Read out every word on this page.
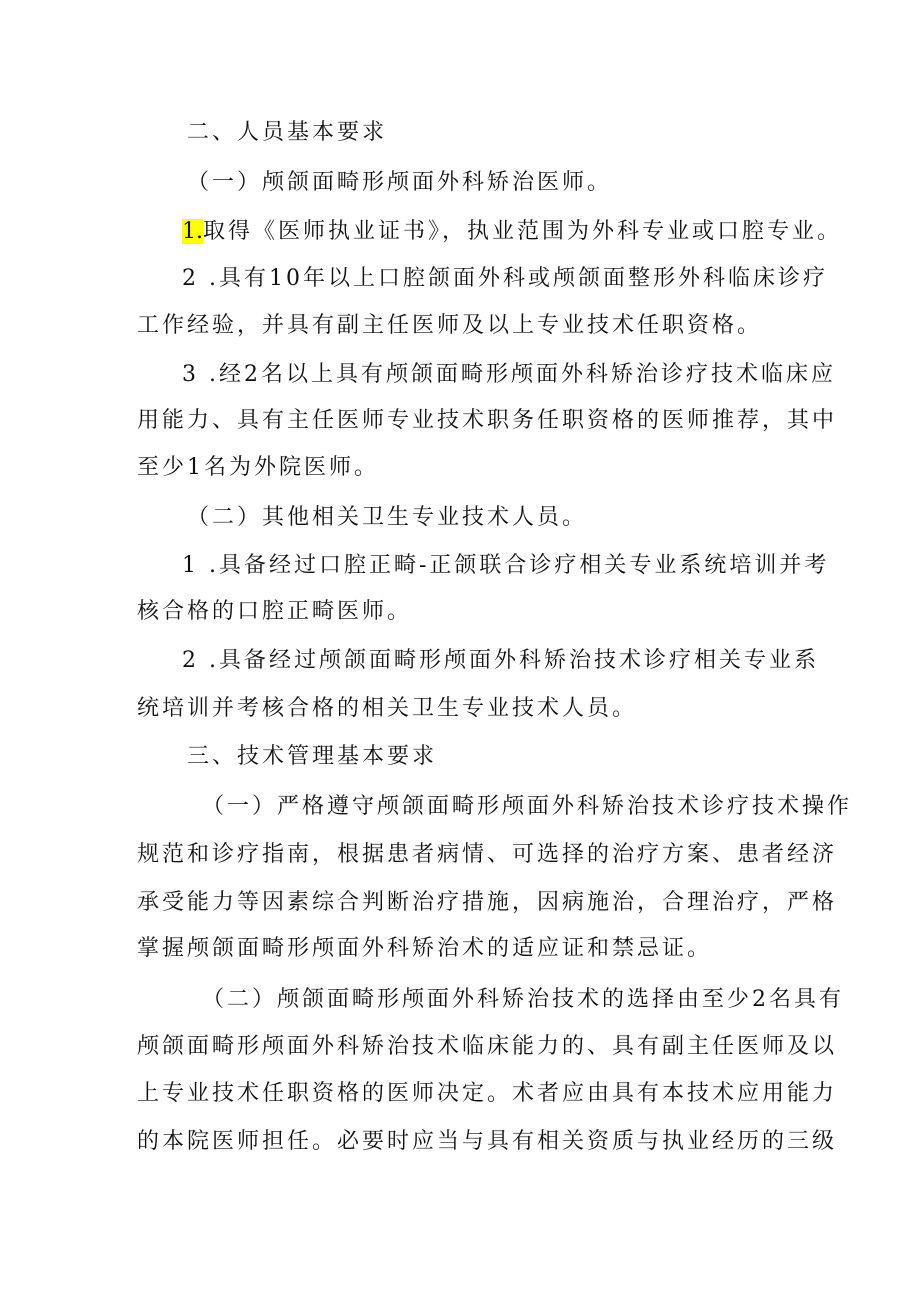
二、人员基本要求
（一）颅颌面畸形颅面外科矫治医师。
1.取得《医师执业证书》，执业范围为外科专业或口腔专业。
2 .具有10年以上口腔颌面外科或颅颌面整形外科临床诊疗
工作经验，并具有副主任医师及以上专业技术任职资格。
3 .经2名以上具有颅颌面畸形颅面外科矫治诊疗技术临床应
用能力、具有主任医师专业技术职务任职资格的医师推荐，其中
至少1名为外院医师。
（二）其他相关卫生专业技术人员。
1 .具备经过口腔正畸-正颌联合诊疗相关专业系统培训并考
核合格的口腔正畸医师。
2 .具备经过颅颌面畸形颅面外科矫治技术诊疗相关专业系
统培训并考核合格的相关卫生专业技术人员。
三、技术管理基本要求
（一）严格遵守颅颌面畸形颅面外科矫治技术诊疗技术操作
规范和诊疗指南，根据患者病情、可选择的治疗方案、患者经济
承受能力等因素综合判断治疗措施，因病施治，合理治疗，严格
掌握颅颌面畸形颅面外科矫治术的适应证和禁忌证。
（二）颅颌面畸形颅面外科矫治技术的选择由至少2名具有
颅颌面畸形颅面外科矫治技术临床能力的、具有副主任医师及以
上专业技术任职资格的医师决定。术者应由具有本技术应用能力
的本院医师担任。必要时应当与具有相关资质与执业经历的三级
